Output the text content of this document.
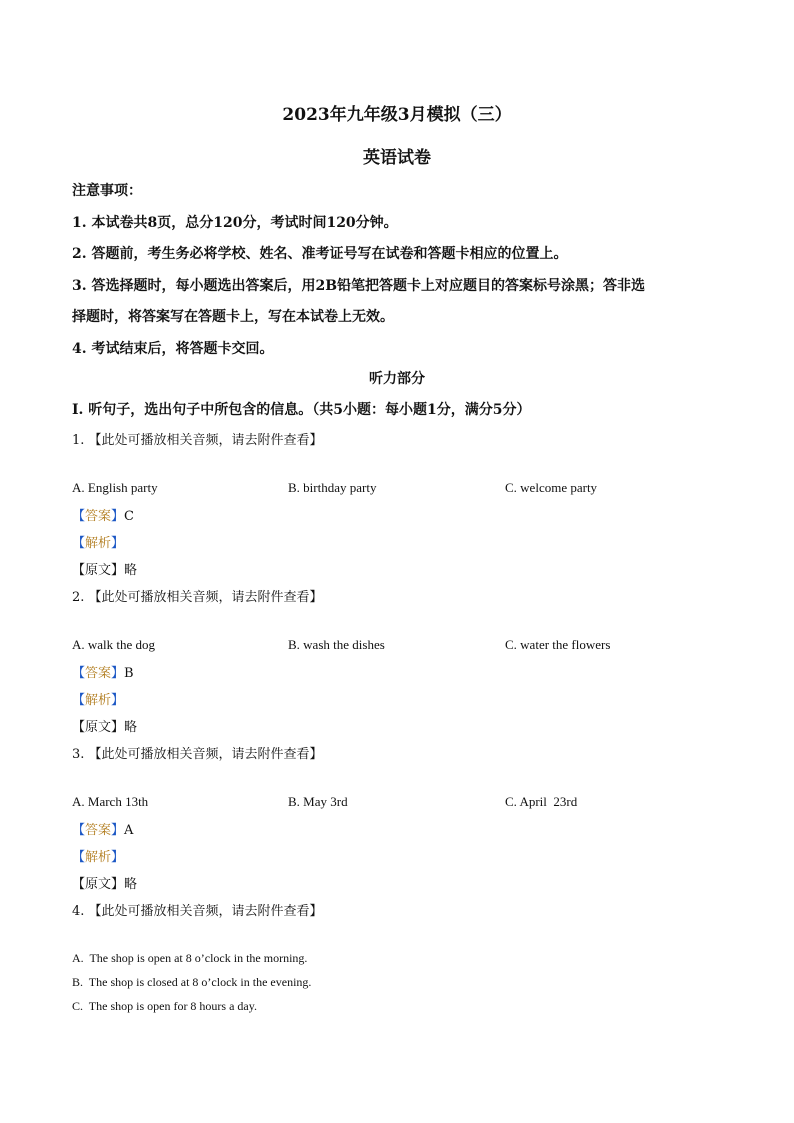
2023年九年级3月模拟（三）
英语试卷
注意事项：
1. 本试卷共8页，总分120分，考试时间120分钟。
2. 答题前，考生务必将学校、姓名、准考证号写在试卷和答题卡相应的位置上。
3. 答选择题时，每小题选出答案后，用2B铅笔把答题卡上对应题目的答案标号涂黑；答非选
择题时，将答案写在答题卡上，写在本试卷上无效。
4. 考试结束后，将答题卡交回。
听力部分
I. 听句子，选出句子中所包含的信息。（共5小题：每小题1分，满分5分）
1. 【此处可播放相关音频，请去附件查看】
A. English party	B. birthday party	C. welcome party
【答案】C
【解析】
【原文】略
2. 【此处可播放相关音频，请去附件查看】
A. walk the dog	B. wash the dishes	C. water the flowers
【答案】B
【解析】
【原文】略
3. 【此处可播放相关音频，请去附件查看】
A. March 13th	B. May 3rd	C. April  23rd
【答案】A
【解析】
【原文】略
4. 【此处可播放相关音频，请去附件查看】
A.  The shop is open at 8 o’clock in the morning.
B.  The shop is closed at 8 o’clock in the evening.
C.  The shop is open for 8 hours a day.
